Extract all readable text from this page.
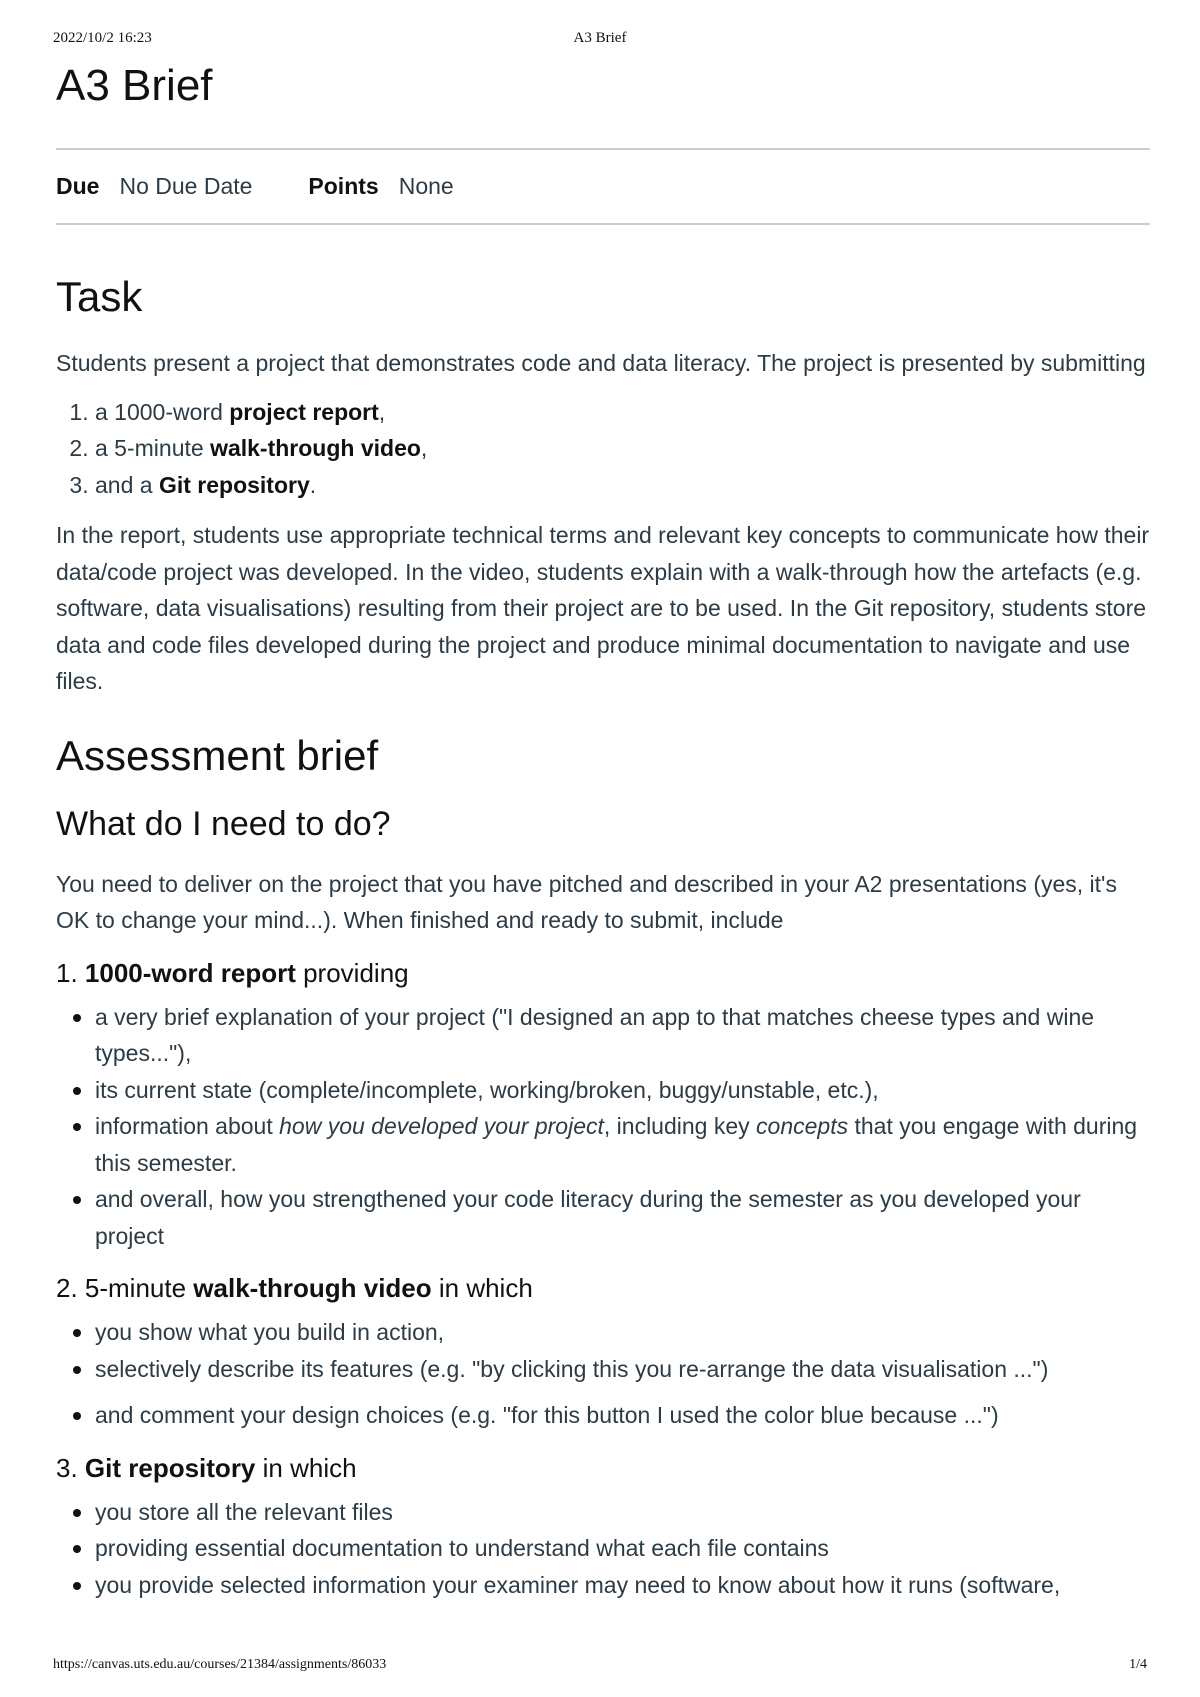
2022/10/2 16:23	A3 Brief
A3 Brief
Due No Due Date Points None
Task

Students present a project that demonstrates code and data literacy. The project is presented by submitting

1. a 1000-word project report,
2. a 5-minute walk-through video,
3. and a Git repository.

In the report, students use appropriate technical terms and relevant key concepts to communicate how their data/code project was developed. In the video, students explain with a walk-through how the artefacts (e.g. software, data visualisations) resulting from their project are to be used. In the Git repository, students store data and code files developed during the project and produce minimal documentation to navigate and use files.

Assessment brief
What do I need to do?

You need to deliver on the project that you have pitched and described in your A2 presentations (yes, it's OK to change your mind...). When finished and ready to submit, include

1. 1000-word report providing
a very brief explanation of your project ("I designed an app to that matches cheese types and wine types..."),
its current state (complete/incomplete, working/broken, buggy/unstable, etc.),
information about how you developed your project, including key concepts that you engage with during this semester.
and overall, how you strengthened your code literacy during the semester as you developed your project
2. 5-minute walk-through video in which
you show what you build in action,
selectively describe its features (e.g. "by clicking this you re-arrange the data visualisation ...")
and comment your design choices (e.g. "for this button I used the color blue because ...")
3. Git repository in which
you store all the relevant files
providing essential documentation to understand what each file contains
you provide selected information your examiner may need to know about how it runs (software,
https://canvas.uts.edu.au/courses/21384/assignments/86033	1/4
